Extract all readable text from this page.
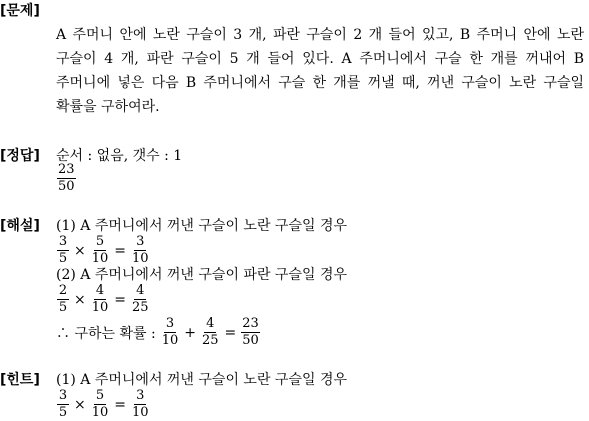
[문제]
A 주머니 안에 노란 구슬이 3 개, 파란 구슬이 2 개 들어 있고, B 주머니 안에 노란
구슬이 4 개, 파란 구슬이 5 개 들어 있다. A 주머니에서 구슬 한 개를 꺼내어 B
주머니에 넣은 다음 B 주머니에서 구슬 한 개를 꺼낼 때, 꺼낸 구슬이 노란 구슬일
확률을 구하여라.
[정답] 순서 : 없음, 갯수 : 1
$\frac{23}{50}$
[해설] (1) A 주머니에서 꺼낸 구슬이 노란 구슬일 경우
$\frac{3}{5} \times \frac{5}{10} = \frac{3}{10}$
(2) A 주머니에서 꺼낸 구슬이 파란 구슬일 경우
$\frac{2}{5} \times \frac{4}{10} = \frac{4}{25}$
∴ 구하는 확률 : $\frac{3}{10} + \frac{4}{25} = \frac{23}{50}$
[힌트] (1) A 주머니에서 꺼낸 구슬이 노란 구슬일 경우
$\frac{3}{5} \times \frac{5}{10} = \frac{3}{10}$
